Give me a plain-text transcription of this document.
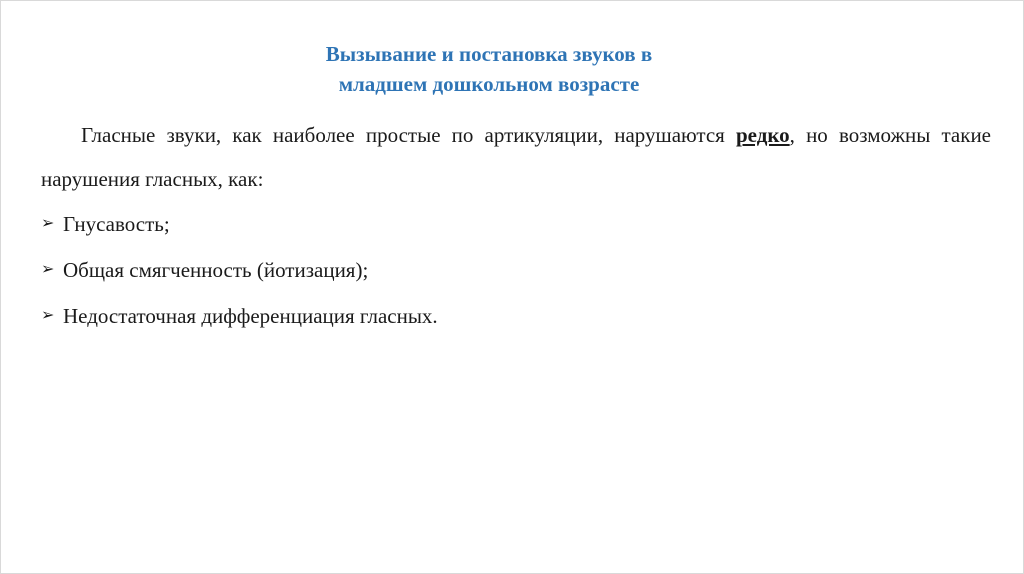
Вызывание и постановка звуков в
младшем дошкольном возрасте

Гласные звуки, как наиболее простые по артикуляции, нарушаются редко, но возможны такие нарушения гласных, как:

➢ Гнусавость;
➢ Общая смягченность (йотизация);
➢ Недостаточная дифференциация гласных.
